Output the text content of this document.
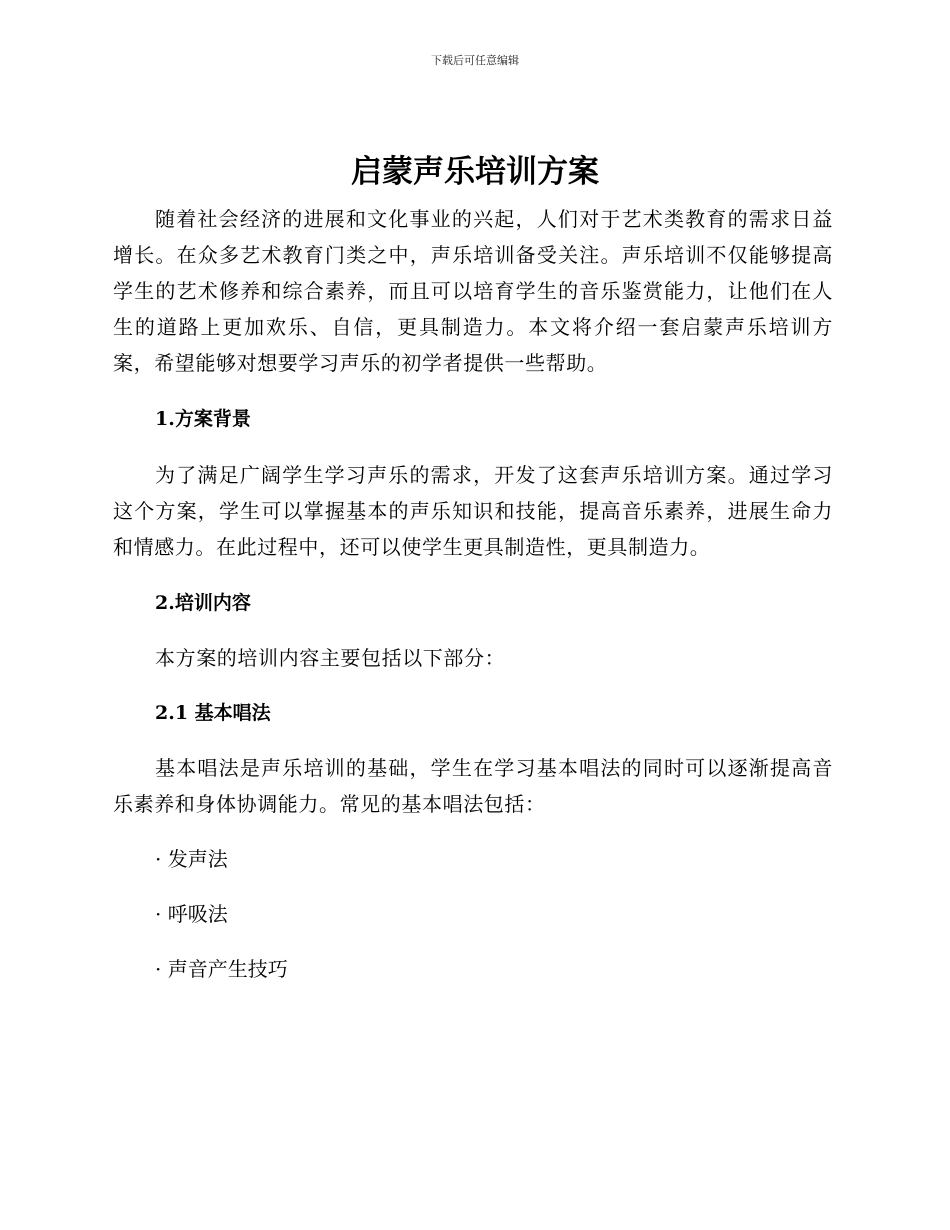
下载后可任意编辑
启蒙声乐培训方案

随着社会经济的进展和文化事业的兴起，人们对于艺术类教育的需求日益增长。在众多艺术教育门类之中，声乐培训备受关注。声乐培训不仅能够提高学生的艺术修养和综合素养，而且可以培育学生的音乐鉴赏能力，让他们在人生的道路上更加欢乐、自信，更具制造力。本文将介绍一套启蒙声乐培训方案，希望能够对想要学习声乐的初学者提供一些帮助。

1.方案背景

为了满足广阔学生学习声乐的需求，开发了这套声乐培训方案。通过学习这个方案，学生可以掌握基本的声乐知识和技能，提高音乐素养，进展生命力和情感力。在此过程中，还可以使学生更具制造性，更具制造力。

2.培训内容

本方案的培训内容主要包括以下部分：

2.1 基本唱法

基本唱法是声乐培训的基础，学生在学习基本唱法的同时可以逐渐提高音乐素养和身体协调能力。常见的基本唱法包括：

· 发声法

· 呼吸法

· 声音产生技巧
